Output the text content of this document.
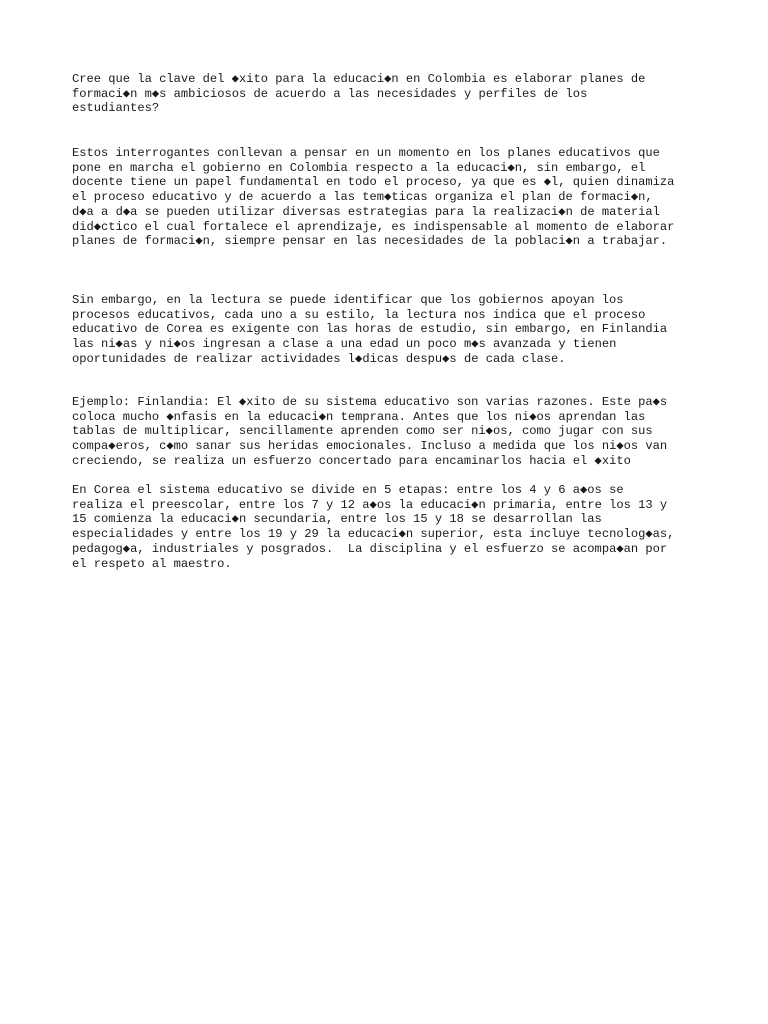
Cree que la clave del ◆xito para la educaci◆n en Colombia es elaborar planes de
formaci◆n m◆s ambiciosos de acuerdo a las necesidades y perfiles de los
estudiantes?

Estos interrogantes conllevan a pensar en un momento en los planes educativos que
pone en marcha el gobierno en Colombia respecto a la educaci◆n, sin embargo, el
docente tiene un papel fundamental en todo el proceso, ya que es ◆l, quien dinamiza
el proceso educativo y de acuerdo a las tem◆ticas organiza el plan de formaci◆n,
d◆a a d◆a se pueden utilizar diversas estrategias para la realizaci◆n de material
did◆ctico el cual fortalece el aprendizaje, es indispensable al momento de elaborar
planes de formaci◆n, siempre pensar en las necesidades de la poblaci◆n a trabajar.

Sin embargo, en la lectura se puede identificar que los gobiernos apoyan los
procesos educativos, cada uno a su estilo, la lectura nos indica que el proceso
educativo de Corea es exigente con las horas de estudio, sin embargo, en Finlandia
las ni◆as y ni◆os ingresan a clase a una edad un poco m◆s avanzada y tienen
oportunidades de realizar actividades l◆dicas despu◆s de cada clase.

Ejemplo: Finlandia: El ◆xito de su sistema educativo son varias razones. Este pa◆s
coloca mucho ◆nfasis en la educaci◆n temprana. Antes que los ni◆os aprendan las
tablas de multiplicar, sencillamente aprenden como ser ni◆os, como jugar con sus
compa◆eros, c◆mo sanar sus heridas emocionales. Incluso a medida que los ni◆os van
creciendo, se realiza un esfuerzo concertado para encaminarlos hacia el ◆xito

En Corea el sistema educativo se divide en 5 etapas: entre los 4 y 6 a◆os se
realiza el preescolar, entre los 7 y 12 a◆os la educaci◆n primaria, entre los 13 y
15 comienza la educaci◆n secundaria, entre los 15 y 18 se desarrollan las
especialidades y entre los 19 y 29 la educaci◆n superior, esta incluye tecnolog◆as,
pedagog◆a, industriales y posgrados.  La disciplina y el esfuerzo se acompa◆an por
el respeto al maestro.
